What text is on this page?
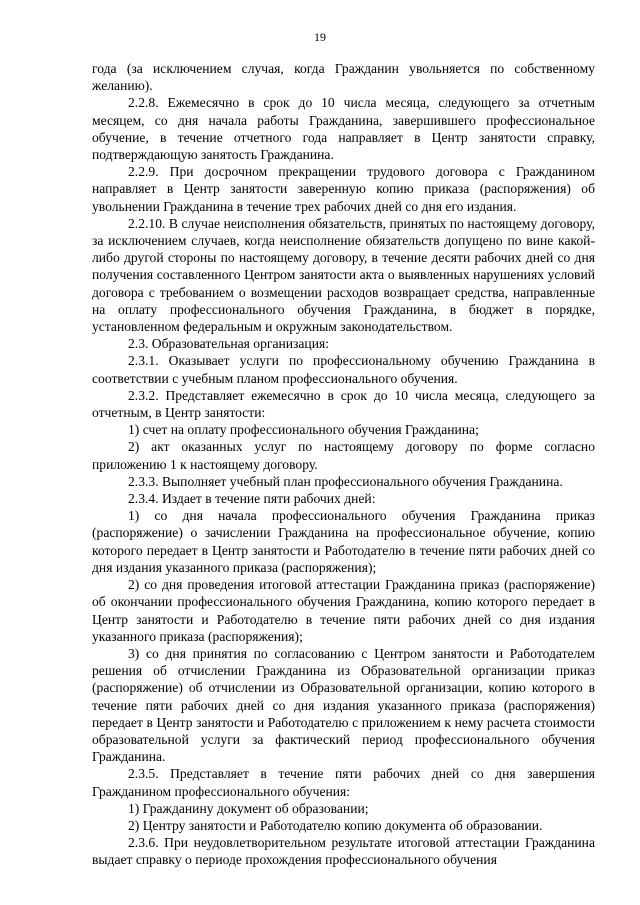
19

года (за исключением случая, когда Гражданин увольняется по собственному желанию).

2.2.8. Ежемесячно в срок до 10 числа месяца, следующего за отчетным месяцем, со дня начала работы Гражданина, завершившего профессиональное обучение, в течение отчетного года направляет в Центр занятости справку, подтверждающую занятость Гражданина.

2.2.9. При досрочном прекращении трудового договора с Гражданином направляет в Центр занятости заверенную копию приказа (распоряжения) об увольнении Гражданина в течение трех рабочих дней со дня его издания.

2.2.10. В случае неисполнения обязательств, принятых по настоящему договору, за исключением случаев, когда неисполнение обязательств допущено по вине какой-либо другой стороны по настоящему договору, в течение десяти рабочих дней со дня получения составленного Центром занятости акта о выявленных нарушениях условий договора с требованием о возмещении расходов возвращает средства, направленные на оплату профессионального обучения Гражданина, в бюджет в порядке, установленном федеральным и окружным законодательством.

2.3. Образовательная организация:

2.3.1. Оказывает услуги по профессиональному обучению Гражданина в соответствии с учебным планом профессионального обучения.

2.3.2. Представляет ежемесячно в срок до 10 числа месяца, следующего за отчетным, в Центр занятости:

1) счет на оплату профессионального обучения Гражданина;

2) акт оказанных услуг по настоящему договору по форме согласно приложению 1 к настоящему договору.

2.3.3. Выполняет учебный план профессионального обучения Гражданина.

2.3.4. Издает в течение пяти рабочих дней:

1) со дня начала профессионального обучения Гражданина приказ (распоряжение) о зачислении Гражданина на профессиональное обучение, копию которого передает в Центр занятости и Работодателю в течение пяти рабочих дней со дня издания указанного приказа (распоряжения);

2) со дня проведения итоговой аттестации Гражданина приказ (распоряжение) об окончании профессионального обучения Гражданина, копию которого передает в Центр занятости и Работодателю в течение пяти рабочих дней со дня издания указанного приказа (распоряжения);

3) со дня принятия по согласованию с Центром занятости и Работодателем решения об отчислении Гражданина из Образовательной организации приказ (распоряжение) об отчислении из Образовательной организации, копию которого в течение пяти рабочих дней со дня издания указанного приказа (распоряжения) передает в Центр занятости и Работодателю с приложением к нему расчета стоимости образовательной услуги за фактический период профессионального обучения Гражданина.

2.3.5. Представляет в течение пяти рабочих дней со дня завершения Гражданином профессионального обучения:

1) Гражданину документ об образовании;

2) Центру занятости и Работодателю копию документа об образовании.

2.3.6. При неудовлетворительном результате итоговой аттестации Гражданина выдает справку о периоде прохождения профессионального обучения
